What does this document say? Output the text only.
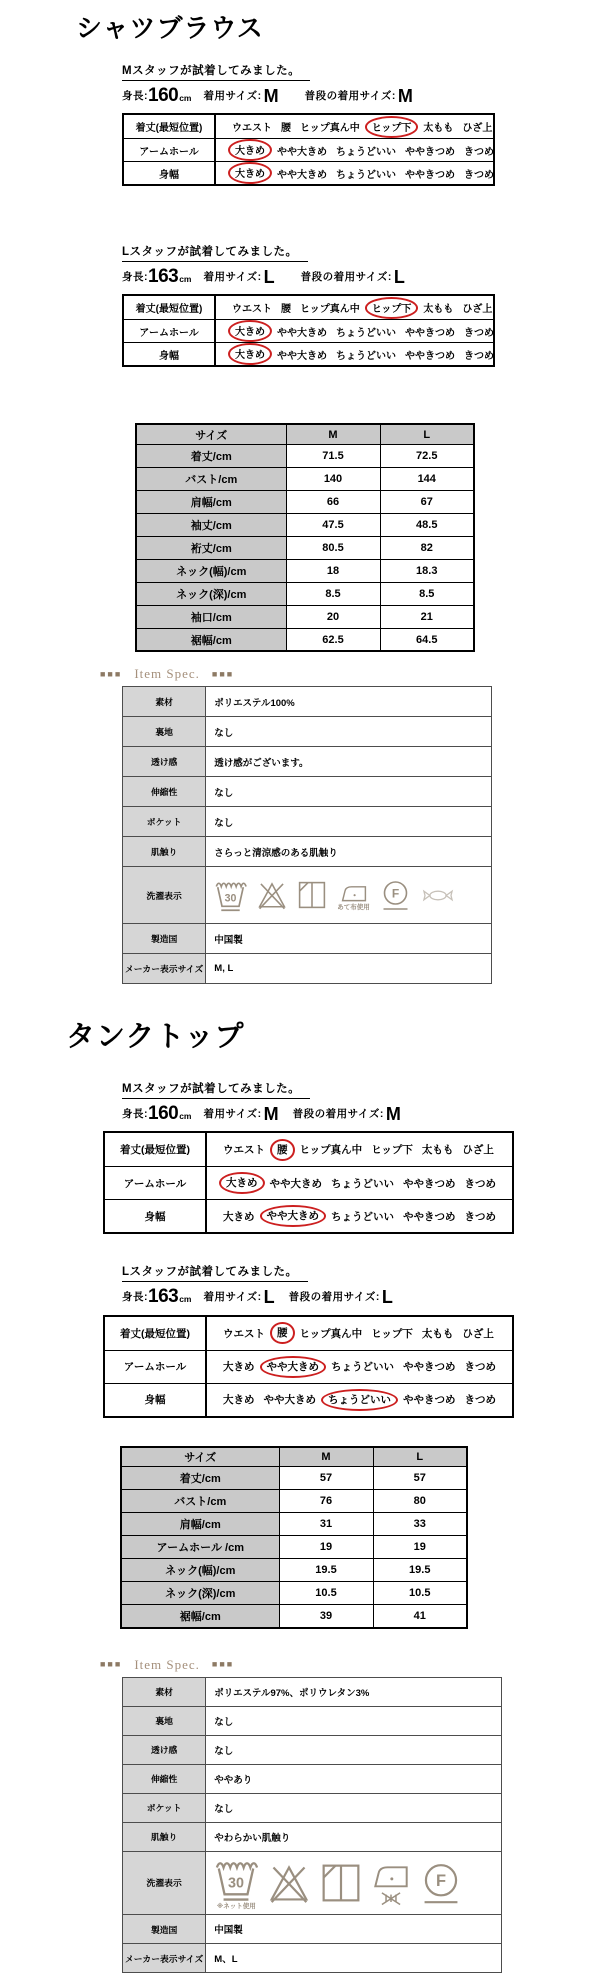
シャツブラウス
Mスタッフが試着してみました。

身長: 160 cm 着用サイズ: M 普段の着用サイズ: M
着丈(最短位置)	ウエスト 腰 ヒップ真ん中	ヒップ下	太もも ひざ上
アームホール	大きめ	やや大きめ ちょうどいい ややきつめ きつめ
身幅	大きめ	やや大きめ ちょうどいい ややきつめ きつめ
Lスタッフが試着してみました。

身長: 163 cm 着用サイズ: L 普段の着用サイズ: L
着丈(最短位置)	ウエスト 腰 ヒップ真ん中	ヒップ下	太もも ひざ上
アームホール	大きめ	やや大きめ ちょうどいい ややきつめ きつめ
身幅	大きめ	やや大きめ ちょうどいい ややきつめ きつめ
サイズ	M	L
着丈/cm	71.5	72.5
バスト/cm	140	144
肩幅/cm	66	67
袖丈/cm	47.5	48.5
裄丈/cm	80.5	82
ネック(幅)/cm	18	18.3
ネック(深)/cm	8.5	8.5
袖口/cm	20	21
裾幅/cm	62.5	64.5
■■■ Item Spec. ■■■
素材	ポリエステル100%
裏地	なし
透け感	透け感がございます。
伸縮性	なし
ポケット	なし
肌触り	さらっと清涼感のある肌触り
洗濯表示	30
あて布使用
F

製造国	中国製
メーカー表示サイズ	M, L
タンクトップ
Mスタッフが試着してみました。

身長: 160 cm 着用サイズ: M 普段の着用サイズ: M
着丈(最短位置)	ウエスト	腰	ヒップ真ん中 ヒップ下 太もも ひざ上
アームホール	大きめ	やや大きめ ちょうどいい ややきつめ きつめ
身幅	大きめ	やや大きめ	ちょうどいい ややきつめ きつめ
Lスタッフが試着してみました。

身長: 163 cm 着用サイズ: L 普段の着用サイズ: L
着丈(最短位置)	ウエスト	腰	ヒップ真ん中 ヒップ下 太もも ひざ上
アームホール	大きめ	やや大きめ	ちょうどいい ややきつめ きつめ
身幅	大きめ やや大きめ	ちょうどいい	ややきつめ きつめ
サイズ	M	L
着丈/cm	57	57
バスト/cm	76	80
肩幅/cm	31	33
アームホール /cm	19	19
ネック(幅)/cm	19.5	19.5
ネック(深)/cm	10.5	10.5
裾幅/cm	39	41
■■■ Item Spec. ■■■
素材	ポリエステル97%、ポリウレタン3%
裏地	なし
透け感	なし
伸縮性	ややあり
ポケット	なし
肌触り	やわらかい肌触り
洗濯表示	30
※ネット使用
F

製造国	中国製
メーカー表示サイズ	M、L
